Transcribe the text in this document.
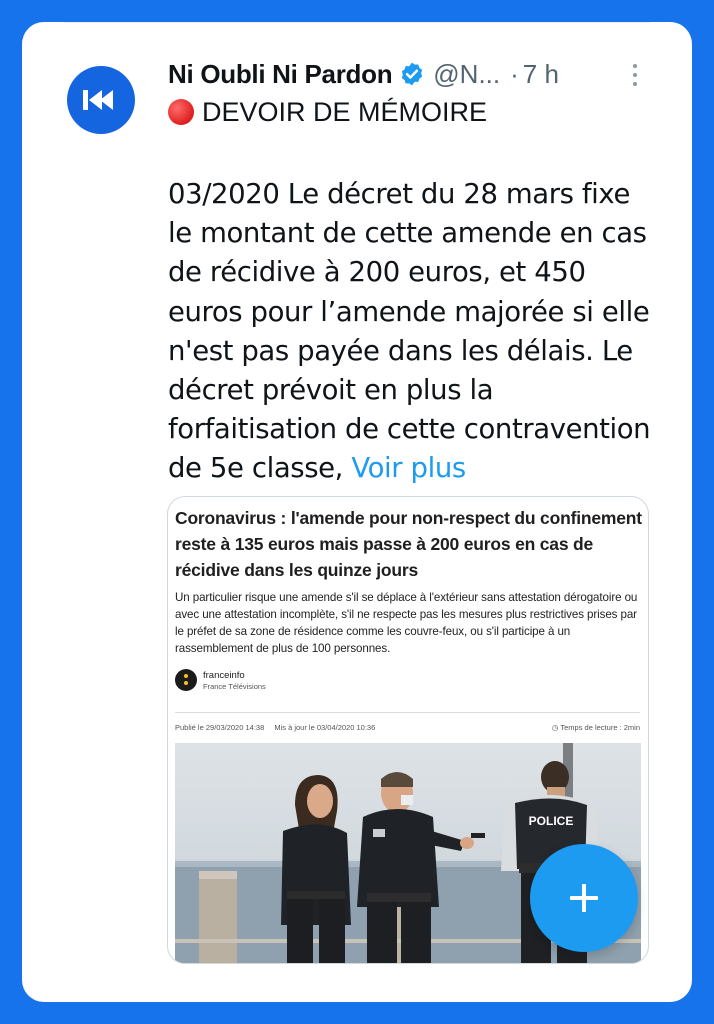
Ni Oubli Ni Pardon @N... · 7 h
DEVOIR DE MÉMOIRE
03/2020 Le décret du 28 mars fixe
le montant de cette amende en cas
de récidive à 200 euros, et 450
euros pour l’amende majorée si elle
n'est pas payée dans les délais. Le
décret prévoit en plus la
forfaitisation de cette contravention
de 5e classe, Voir plus
Coronavirus : l'amende pour non-respect du confinement reste à 135 euros mais passe à 200 euros en cas de récidive dans les quinze jours
Un particulier risque une amende s'il se déplace à l'extérieur sans attestation dérogatoire ou avec une attestation incomplète, s'il ne respecte pas les mesures plus restrictives prises par le préfet de sa zone de résidence comme les couvre-feux, ou s'il participe à un rassemblement de plus de 100 personnes.
franceinfo
France Télévisions
Publié le 29/03/2020 14:38 Mis à jour le 03/04/2020 10:36	◷ Temps de lecture : 2min
POLICE
